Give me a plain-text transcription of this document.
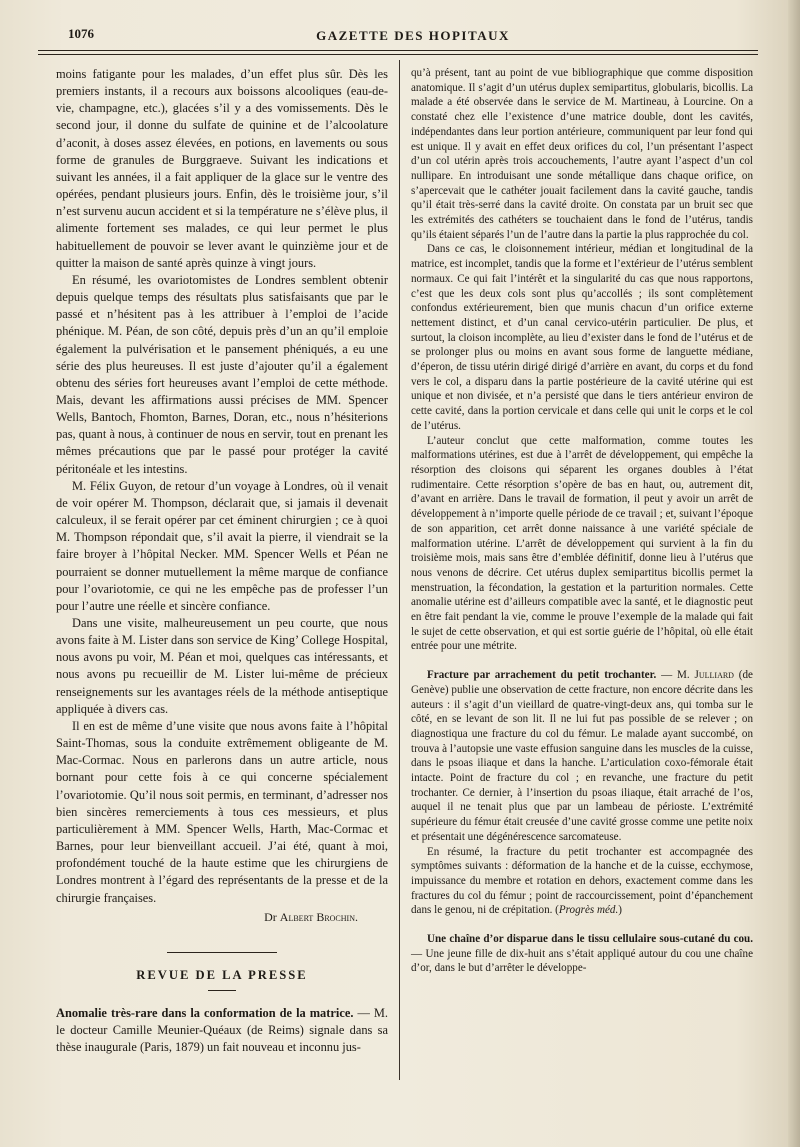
1076	GAZETTE DES HOPITAUX

moins fatigante pour les malades, d’un effet plus sûr. Dès les premiers instants, il a recours aux boissons alcooliques (eau-de-vie, champagne, etc.), glacées s’il y a des vomissements. Dès le second jour, il donne du sulfate de quinine et de l’alcoolature d’aconit, à doses assez élevées, en potions, en lavements ou sous forme de granules de Burggraeve. Suivant les indications et suivant les années, il a fait appliquer de la glace sur le ventre des opérées, pendant plusieurs jours. Enfin, dès le troisième jour, s’il n’est survenu aucun accident et si la température ne s’élève plus, il alimente fortement ses malades, ce qui leur permet le plus habituellement de pouvoir se lever avant le quinzième jour et de quitter la maison de santé après quinze à vingt jours.

En résumé, les ovariotomistes de Londres semblent obtenir depuis quelque temps des résultats plus satisfaisants que par le passé et n’hésitent pas à les attribuer à l’emploi de l’acide phénique. M. Péan, de son côté, depuis près d’un an qu’il emploie également la pulvérisation et le pansement phéniqués, a eu une série des plus heureuses. Il est juste d’ajouter qu’il a également obtenu des séries fort heureuses avant l’emploi de cette méthode. Mais, devant les affirmations aussi précises de MM. Spencer Wells, Bantoch, Fhomton, Barnes, Doran, etc., nous n’hésiterions pas, quant à nous, à continuer de nous en servir, tout en prenant les mêmes précautions que par le passé pour protéger la cavité péritonéale et les intestins.

M. Félix Guyon, de retour d’un voyage à Londres, où il venait de voir opérer M. Thompson, déclarait que, si jamais il devenait calculeux, il se ferait opérer par cet éminent chirurgien ; ce à quoi M. Thompson répondait que, s’il avait la pierre, il viendrait se la faire broyer à l’hôpital Necker. MM. Spencer Wells et Péan ne pourraient se donner mutuellement la même marque de confiance pour l’ovariotomie, ce qui ne les empêche pas de professer l’un pour l’autre une réelle et sincère confiance.

Dans une visite, malheureusement un peu courte, que nous avons faite à M. Lister dans son service de King’ College Hospital, nous avons pu voir, M. Péan et moi, quelques cas intéressants, et nous avons pu recueillir de M. Lister lui-même de précieux renseignements sur les avantages réels de la méthode antiseptique appliquée à divers cas.

Il en est de même d’une visite que nous avons faite à l’hôpital Saint-Thomas, sous la conduite extrêmement obligeante de M. Mac-Cormac. Nous en parlerons dans un autre article, nous bornant pour cette fois à ce qui concerne spécialement l’ovariotomie. Qu’il nous soit permis, en terminant, d’adresser nos bien sincères remerciements à tous ces messieurs, et plus particulièrement à MM. Spencer Wells, Harth, Mac-Cormac et Barnes, pour leur bienveillant accueil. J’ai été, quant à moi, profondément touché de la haute estime que les chirurgiens de Londres montrent à l’égard des représentants de la presse et de la chirurgie françaises.

Dr Albert Brochin.
REVUE DE LA PRESSE

Anomalie très-rare dans la conformation de la matrice. — M. le docteur Camille Meunier-Quéaux (de Reims) signale dans sa thèse inaugurale (Paris, 1879) un fait nouveau et inconnu jus-

qu’à présent, tant au point de vue bibliographique que comme disposition anatomique. Il s’agit d’un utérus duplex semipartitus, globularis, bicollis. La malade a été observée dans le service de M. Martineau, à Lourcine. On a constaté chez elle l’existence d’une matrice double, dont les cavités, indépendantes dans leur portion antérieure, communiquent par leur fond qui est unique. Il y avait en effet deux orifices du col, l’un présentant l’aspect d’un col utérin après trois accouchements, l’autre ayant l’aspect d’un col nullipare. En introduisant une sonde métallique dans chaque orifice, on s’apercevait que le cathéter jouait facilement dans la cavité gauche, tandis qu’il était très-serré dans la cavité droite. On constata par un bruit sec que les extrémités des cathéters se touchaient dans le fond de l’utérus, tandis qu’ils étaient séparés l’un de l’autre dans la partie la plus rapprochée du col.

Dans ce cas, le cloisonnement intérieur, médian et longitudinal de la matrice, est incomplet, tandis que la forme et l’extérieur de l’utérus semblent normaux. Ce qui fait l’intérêt et la singularité du cas que nous rapportons, c’est que les deux cols sont plus qu’accollés ; ils sont complètement confondus extérieurement, bien que munis chacun d’un orifice externe nettement distinct, et d’un canal cervico-utérin particulier. De plus, et surtout, la cloison incomplète, au lieu d’exister dans le fond de l’utérus et de se prolonger plus ou moins en avant sous forme de languette médiane, d’éperon, de tissu utérin dirigé dirigé d’arrière en avant, du corps et du fond vers le col, a disparu dans la partie postérieure de la cavité utérine qui est unique et non divisée, et n’a persisté que dans le tiers antérieur environ de cette cavité, dans la portion cervicale et dans celle qui unit le corps et le col de l’utérus.

L’auteur conclut que cette malformation, comme toutes les malformations utérines, est due à l’arrêt de développement, qui empêche la résorption des cloisons qui séparent les organes doubles à l’état rudimentaire. Cette résorption s’opère de bas en haut, ou, autrement dit, d’avant en arrière. Dans le travail de formation, il peut y avoir un arrêt de développement à n’importe quelle période de ce travail ; et, suivant l’époque de son apparition, cet arrêt donne naissance à une variété spéciale de malformation utérine. L’arrêt de développement qui survient à la fin du troisième mois, mais sans être d’emblée définitif, donne lieu à l’utérus que nous venons de décrire. Cet utérus duplex semipartitus bicollis permet la menstruation, la fécondation, la gestation et la parturition normales. Cette anomalie utérine est d’ailleurs compatible avec la santé, et le diagnostic peut en être fait pendant la vie, comme le prouve l’exemple de la malade qui fait le sujet de cette observation, et qui est sortie guérie de l’hôpital, où elle était entrée pour une métrite.

Fracture par arrachement du petit trochanter. — M. Julliard (de Genève) publie une observation de cette fracture, non encore décrite dans les auteurs : il s’agit d’un vieillard de quatre-vingt-deux ans, qui tomba sur le côté, en se levant de son lit. Il ne lui fut pas possible de se relever ; on diagnostiqua une fracture du col du fémur. Le malade ayant succombé, on trouva à l’autopsie une vaste effusion sanguine dans les muscles de la cuisse, dans le psoas iliaque et dans la hanche. L’articulation coxo-fémorale était intacte. Point de fracture du col ; en revanche, une fracture du petit trochanter. Ce dernier, à l’insertion du psoas iliaque, était arraché de l’os, auquel il ne tenait plus que par un lambeau de périoste. L’extrémité supérieure du fémur était creusée d’une cavité grosse comme une petite noix et présentait une dégénérescence sarcomateuse.

En résumé, la fracture du petit trochanter est accompagnée des symptômes suivants : déformation de la hanche et de la cuisse, ecchymose, impuissance du membre et rotation en dehors, exactement comme dans les fractures du col du fémur ; point de raccourcissement, point d’épanchement dans le genou, ni de crépitation. (Progrès méd.)

Une chaîne d’or disparue dans le tissu cellulaire sous-cutané du cou. — Une jeune fille de dix-huit ans s’était appliqué autour du cou une chaîne d’or, dans le but d’arrêter le développe-
